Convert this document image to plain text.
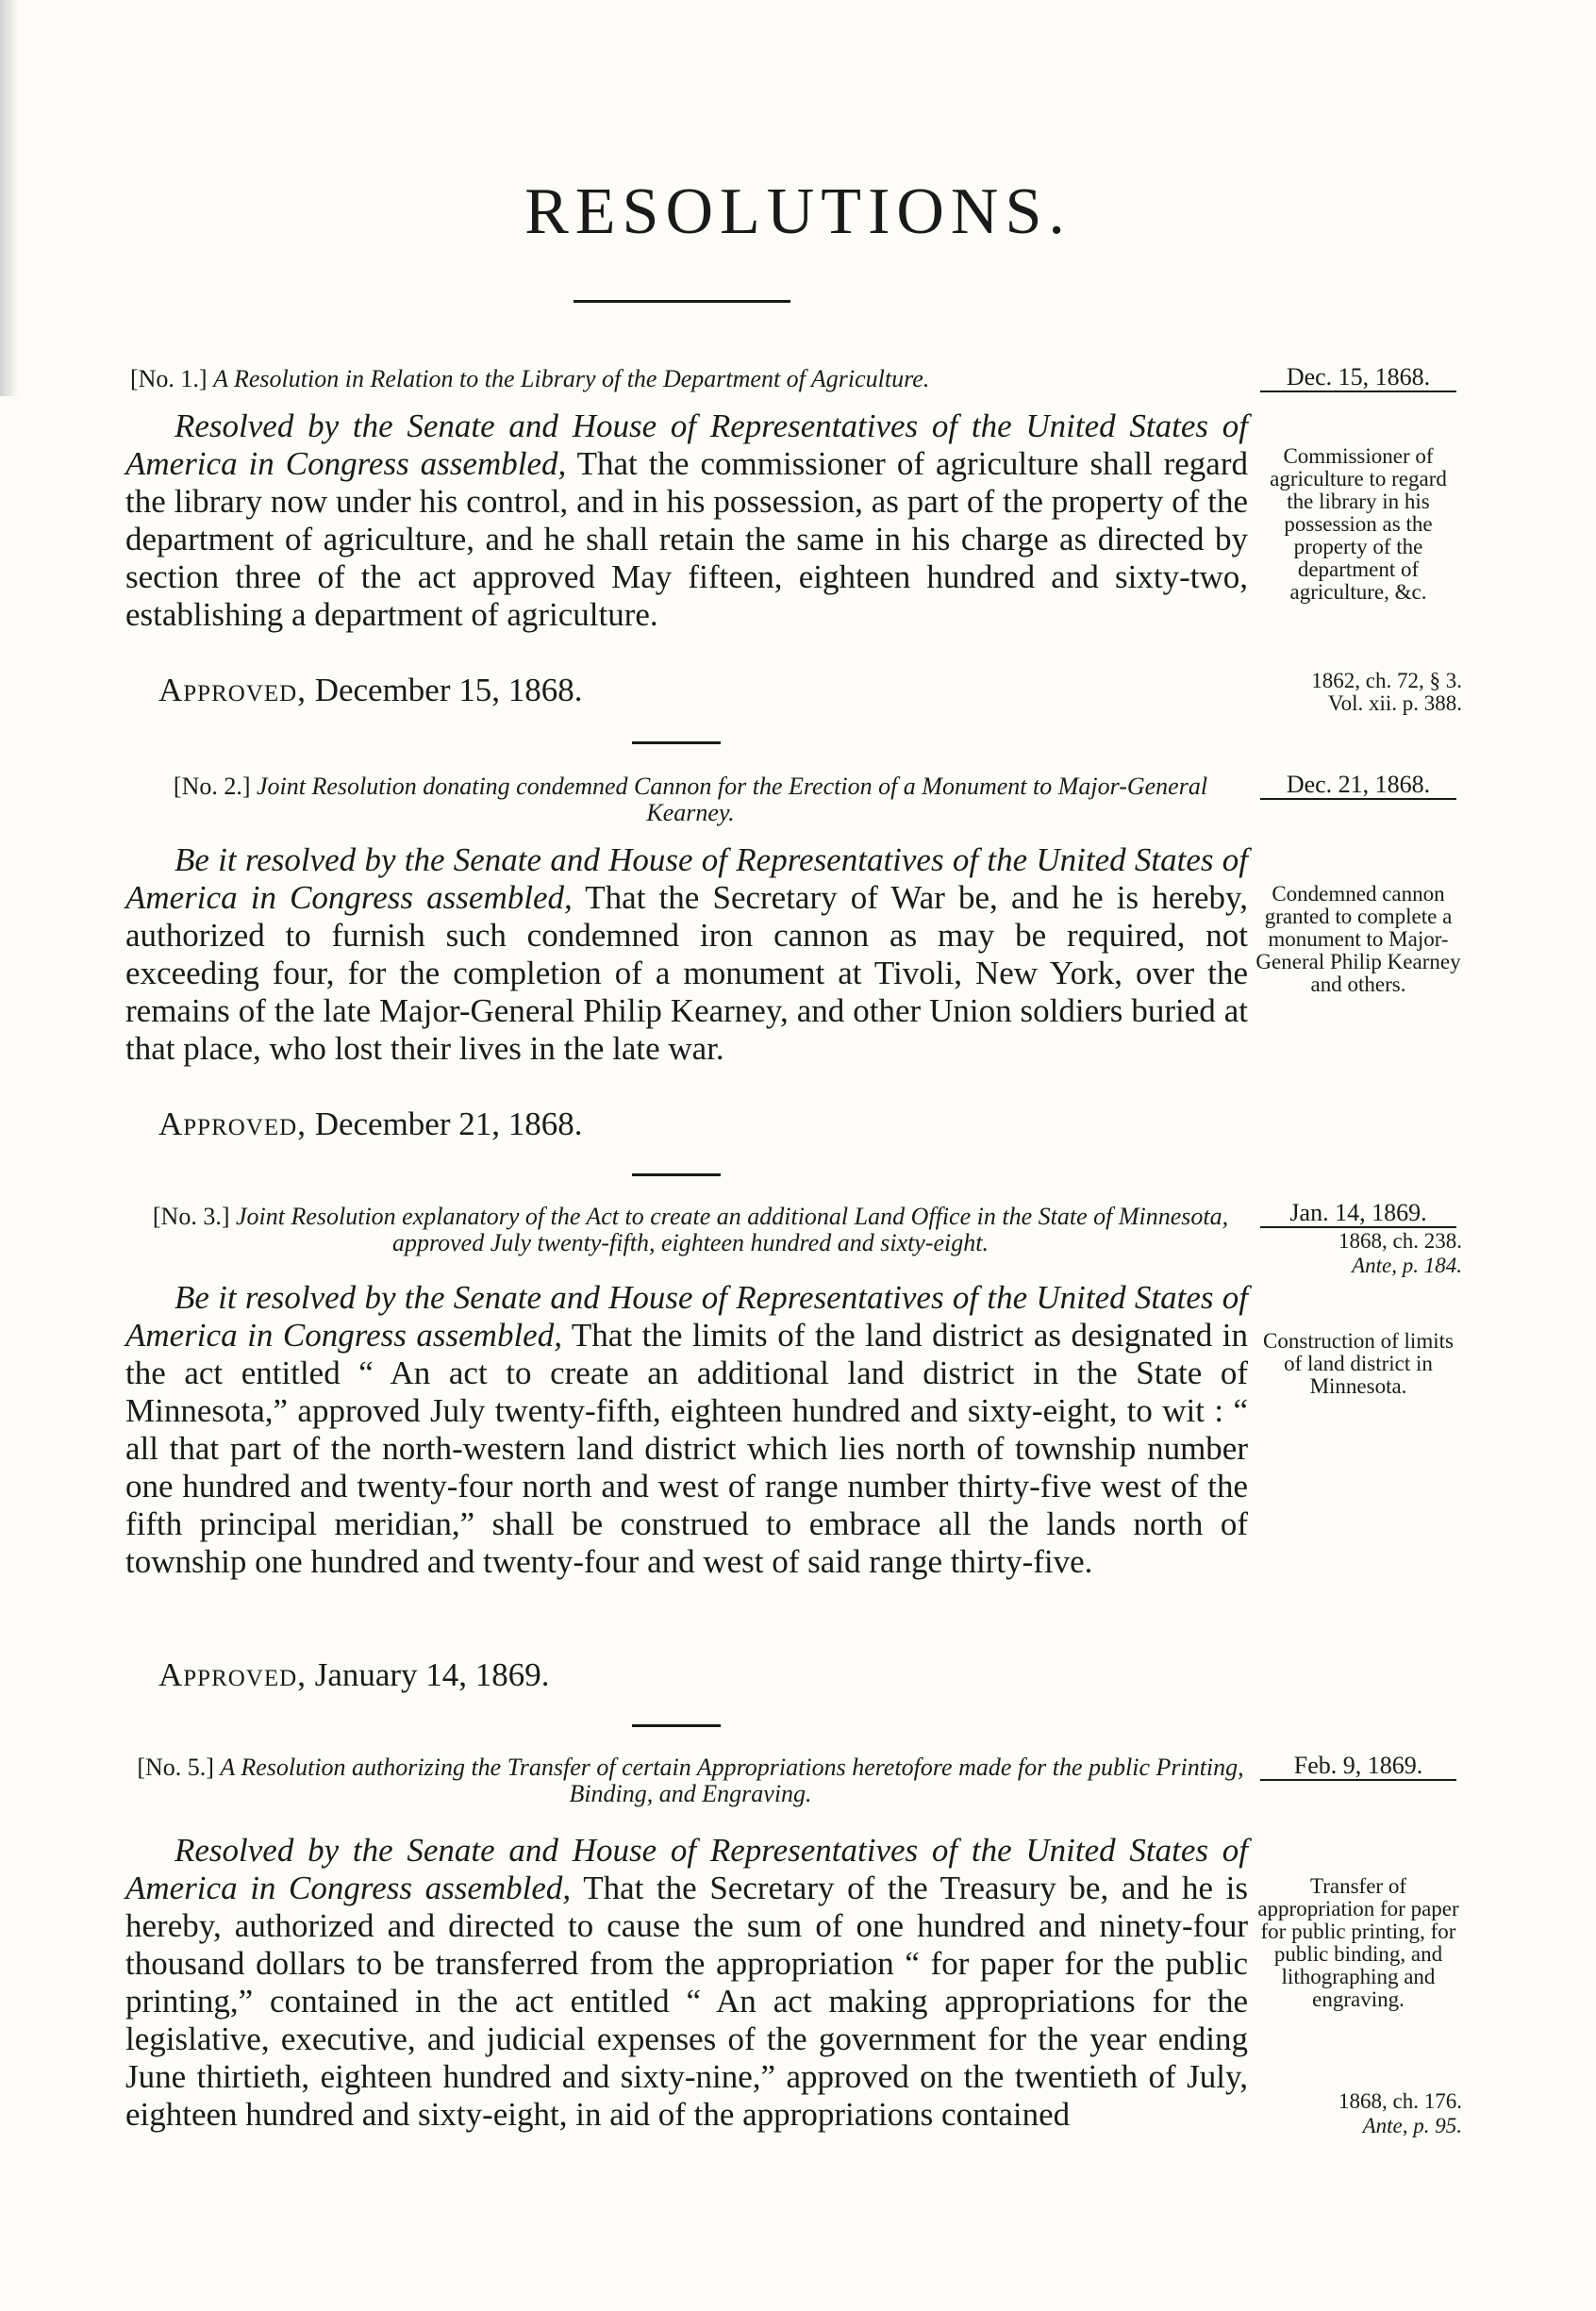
RESOLUTIONS.
[No. 1.] A Resolution in Relation to the Library of the Department of Agriculture.	Dec. 15, 1868.

Resolved by the Senate and House of Representatives of the United States of America in Congress assembled, That the commissioner of agriculture shall regard the library now under his control, and in his possession, as part of the property of the department of agriculture, and he shall retain the same in his charge as directed by section three of the act approved May fifteen, eighteen hundred and sixty-two, establishing a department of agriculture.

Approved, December 15, 1868.
Commissioner of agriculture to regard the library in his possession as the property of the department of agriculture, &c.
1862, ch. 72, § 3.
Vol. xii. p. 388.
[No. 2.] Joint Resolution donating condemned Cannon for the Erection of a Monument to Major-General Kearney.
Dec. 21, 1868.

Be it resolved by the Senate and House of Representatives of the United States of America in Congress assembled, That the Secretary of War be, and he is hereby, authorized to furnish such condemned iron cannon as may be required, not exceeding four, for the completion of a monument at Tivoli, New York, over the remains of the late Major-General Philip Kearney, and other Union soldiers buried at that place, who lost their lives in the late war.

Approved, December 21, 1868.
Condemned cannon granted to complete a monument to Major-General Philip Kearney and others.
[No. 3.] Joint Resolution explanatory of the Act to create an additional Land Office in the State of Minnesota, approved July twenty-fifth, eighteen hundred and sixty-eight.
Jan. 14, 1869.
1868, ch. 238.
Ante, p. 184.

Be it resolved by the Senate and House of Representatives of the United States of America in Congress assembled, That the limits of the land district as designated in the act entitled “ An act to create an additional land district in the State of Minnesota,” approved July twenty-fifth, eighteen hundred and sixty-eight, to wit : “ all that part of the north-western land district which lies north of township number one hundred and twenty-four north and west of range number thirty-five west of the fifth principal meridian,” shall be construed to embrace all the lands north of township one hundred and twenty-four and west of said range thirty-five.

Approved, January 14, 1869.
Construction of limits of land district in Minnesota.
[No. 5.] A Resolution authorizing the Transfer of certain Appropriations heretofore made for the public Printing, Binding, and Engraving.
Feb. 9, 1869.

Resolved by the Senate and House of Representatives of the United States of America in Congress assembled, That the Secretary of the Treasury be, and he is hereby, authorized and directed to cause the sum of one hundred and ninety-four thousand dollars to be transferred from the appropriation “ for paper for the public printing,” contained in the act entitled “ An act making appropriations for the legislative, executive, and judicial expenses of the government for the year ending June thirtieth, eighteen hundred and sixty-nine,” approved on the twentieth of July, eighteen hundred and sixty-eight, in aid of the appropriations contained

Transfer of appropriation for paper for public printing, for public binding, and lithographing and engraving.
1868, ch. 176.
Ante, p. 95.
